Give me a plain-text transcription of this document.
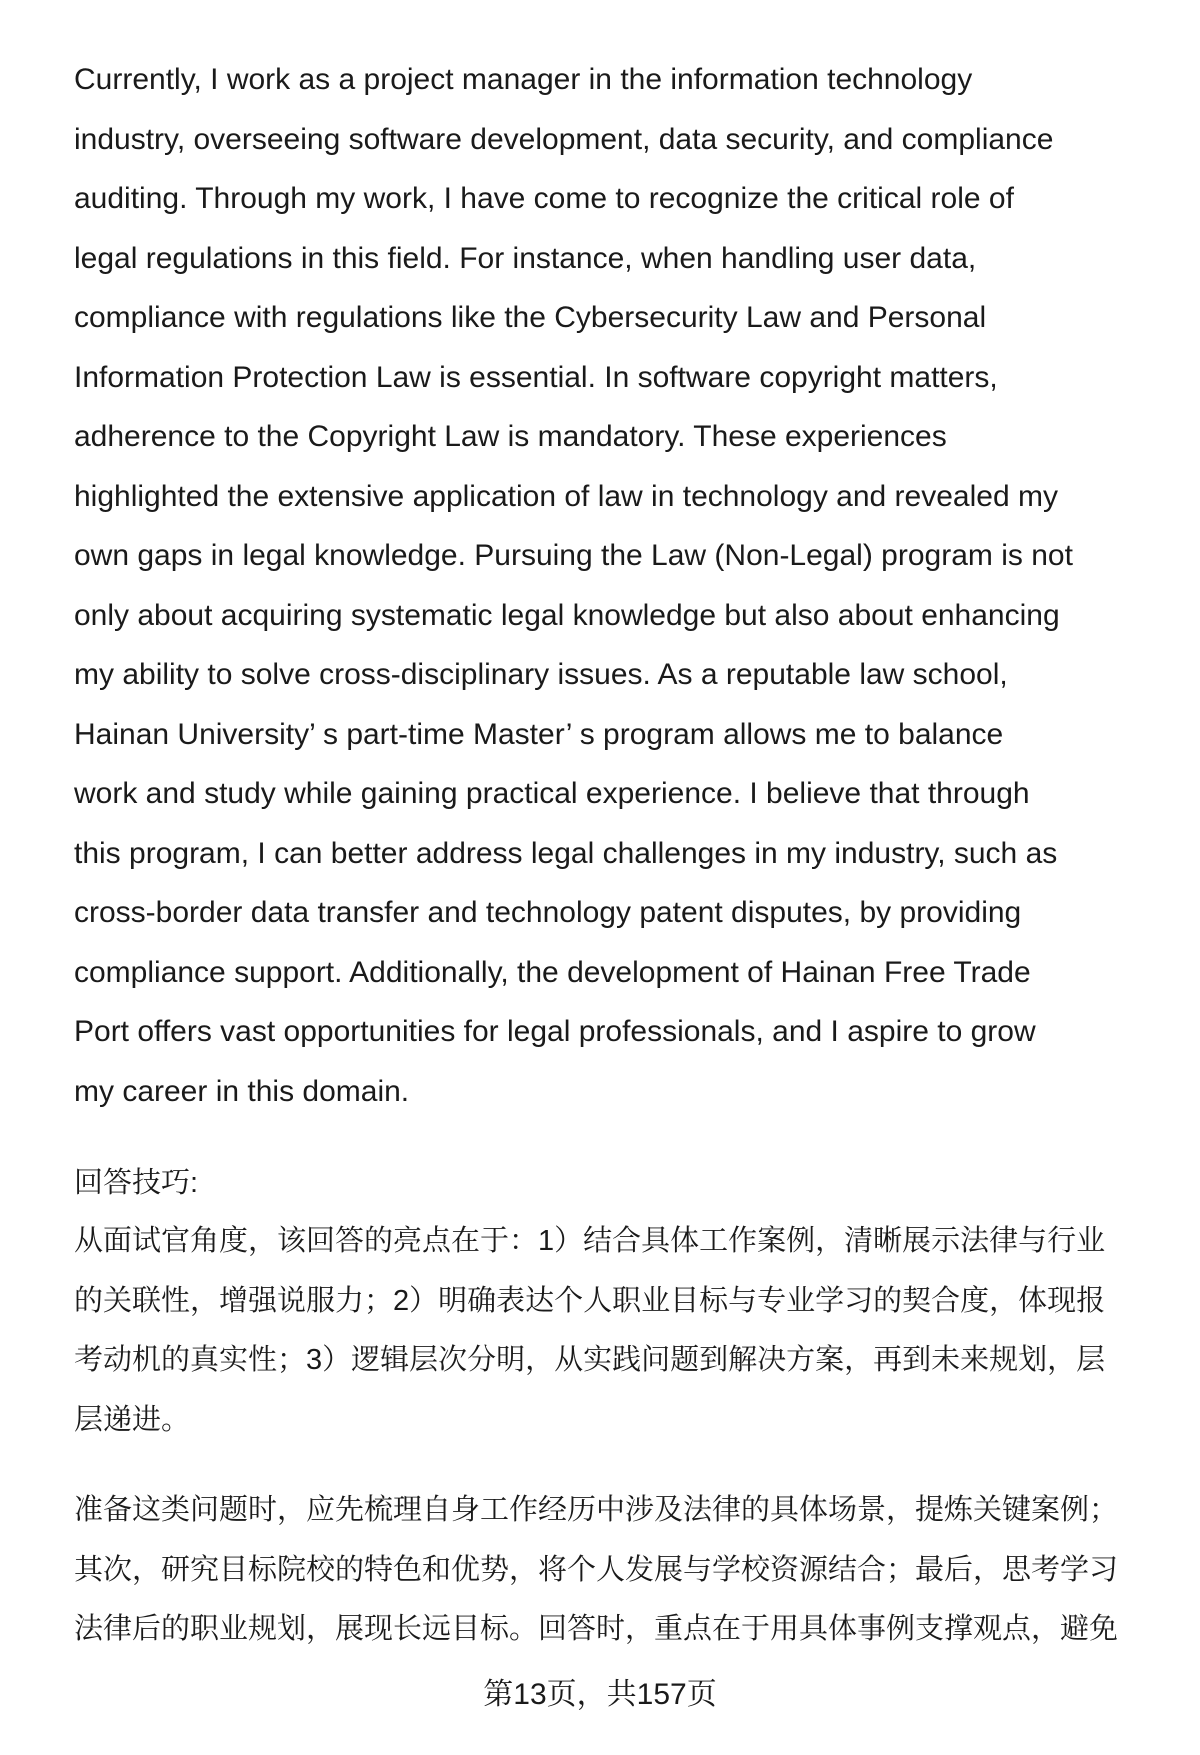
Currently, I work as a project manager in the information technology
industry, overseeing software development, data security, and compliance
auditing. Through my work, I have come to recognize the critical role of
legal regulations in this field. For instance, when handling user data,
compliance with regulations like the Cybersecurity Law and Personal
Information Protection Law is essential. In software copyright matters,
adherence to the Copyright Law is mandatory. These experiences
highlighted the extensive application of law in technology and revealed my
own gaps in legal knowledge. Pursuing the Law (Non-Legal) program is not
only about acquiring systematic legal knowledge but also about enhancing
my ability to solve cross-disciplinary issues. As a reputable law school,
Hainan University’ s part-time Master’ s program allows me to balance
work and study while gaining practical experience. I believe that through
this program, I can better address legal challenges in my industry, such as
cross-border data transfer and technology patent disputes, by providing
compliance support. Additionally, the development of Hainan Free Trade
Port offers vast opportunities for legal professionals, and I aspire to grow
my career in this domain.
回答技巧:
从面试官角度，该回答的亮点在于：1）结合具体工作案例，清晰展示法律与行业
的关联性，增强说服力；2）明确表达个人职业目标与专业学习的契合度，体现报
考动机的真实性；3）逻辑层次分明，从实践问题到解决方案，再到未来规划，层
层递进。
准备这类问题时，应先梳理自身工作经历中涉及法律的具体场景，提炼关键案例；
其次，研究目标院校的特色和优势，将个人发展与学校资源结合；最后，思考学习
法律后的职业规划，展现长远目标。回答时，重点在于用具体事例支撑观点，避免
第13页，共157页
